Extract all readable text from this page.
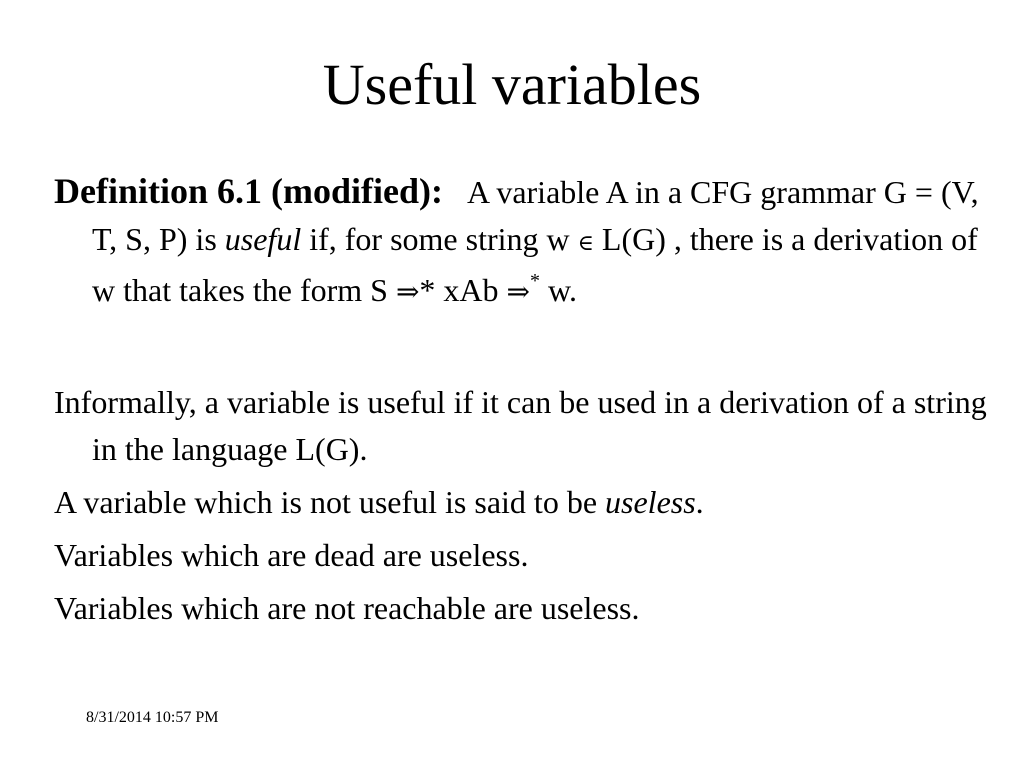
Useful variables

Definition 6.1 (modified): A variable A in a CFG grammar G = (V, T, S, P) is useful if, for some string w ∈ L(G) , there is a derivation of w that takes the form S ⇒* xAb ⇒* w.

Informally, a variable is useful if it can be used in a derivation of a string in the language L(G).

A variable which is not useful is said to be useless.

Variables which are dead are useless.

Variables which are not reachable are useless.

8/31/2014 10:57 PM
